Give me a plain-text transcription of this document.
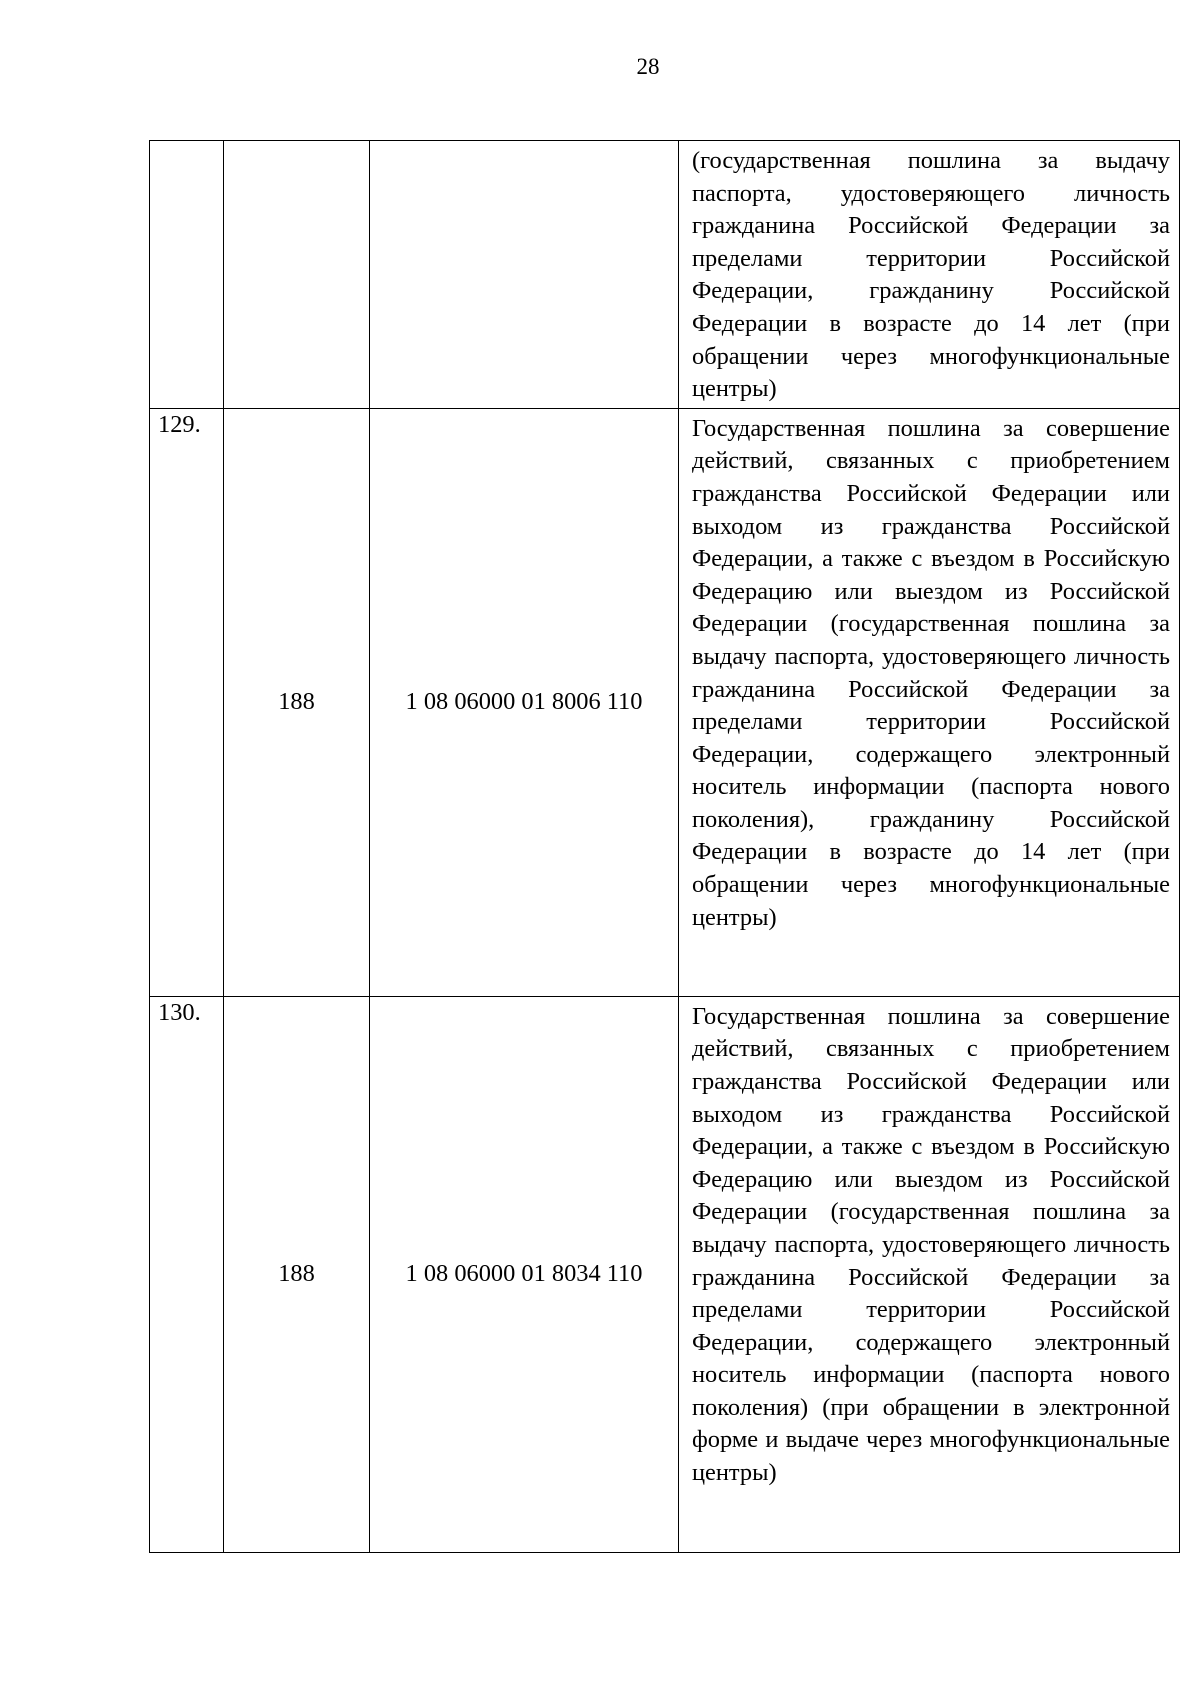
28
			(государственная пошлина за выдачу паспорта, удостоверяющего личность гражданина Российской Федерации за пределами территории Российской Федерации, гражданину Российской Федерации в возрасте до 14 лет (при обращении через многофункциональные центры)
129.	188	1 08 06000 01 8006 110	Государственная пошлина за совершение действий, связанных с приобретением гражданства Российской Федерации или выходом из гражданства Российской Федерации, а также с въездом в Российскую Федерацию или выездом из Российской Федерации (государственная пошлина за выдачу паспорта, удостоверяющего личность гражданина Российской Федерации за пределами территории Российской Федерации, содержащего электронный носитель информации (паспорта нового поколения), гражданину Российской Федерации в возрасте до 14 лет (при обращении через многофункциональные центры)
130.	188	1 08 06000 01 8034 110	Государственная пошлина за совершение действий, связанных с приобретением гражданства Российской Федерации или выходом из гражданства Российской Федерации, а также с въездом в Российскую Федерацию или выездом из Российской Федерации (государственная пошлина за выдачу паспорта, удостоверяющего личность гражданина Российской Федерации за пределами территории Российской Федерации, содержащего электронный носитель информации (паспорта нового поколения) (при обращении в электронной форме и выдаче через многофункциональные центры)
